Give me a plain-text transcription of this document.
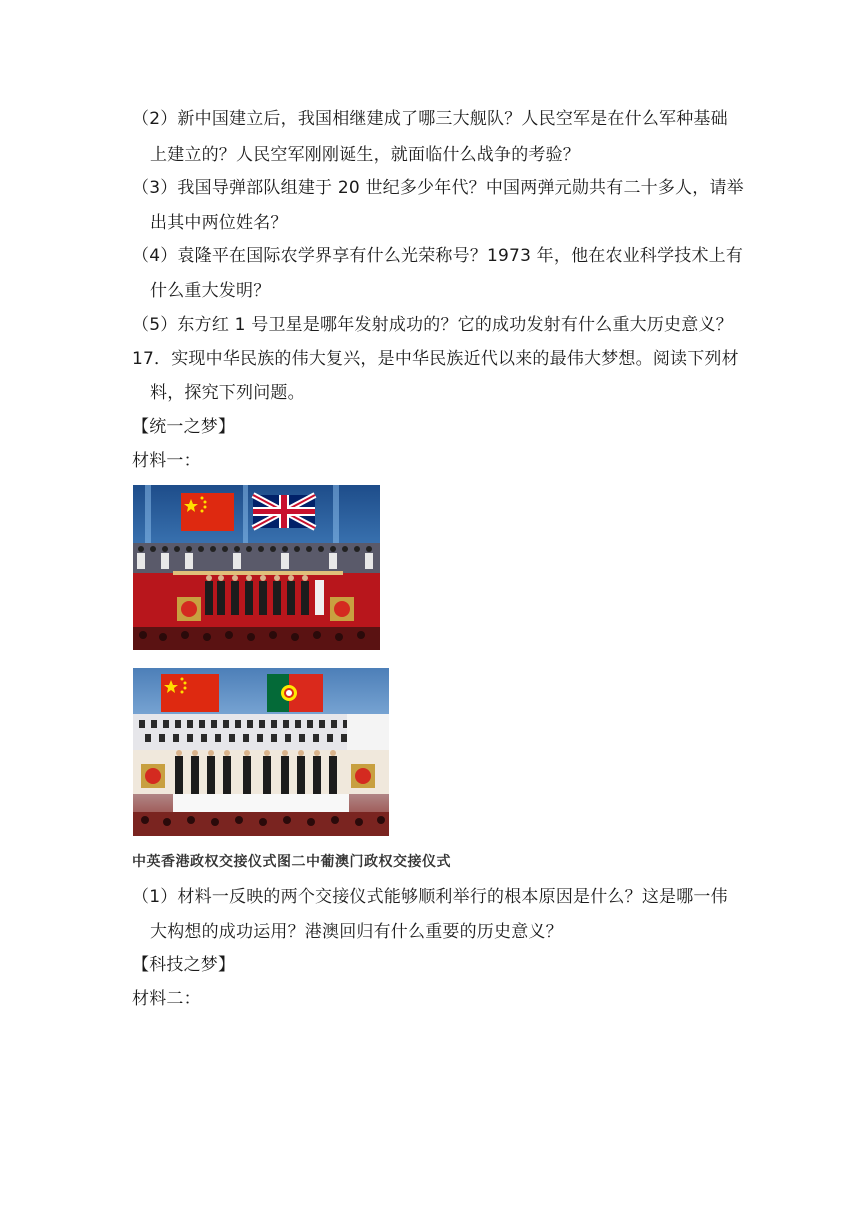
（2）新中国建立后，我国相继建成了哪三大舰队？人民空军是在什么军种基础
上建立的？人民空军刚刚诞生，就面临什么战争的考验？
（3）我国导弹部队组建于 20 世纪多少年代？中国两弹元勋共有二十多人，请举
出其中两位姓名？
（4）袁隆平在国际农学界享有什么光荣称号？1973 年，他在农业科学技术上有
什么重大发明？
（5）东方红 1 号卫星是哪年发射成功的？它的成功发射有什么重大历史意义？
17．实现中华民族的伟大复兴，是中华民族近代以来的最伟大梦想。阅读下列材
料，探究下列问题。
【统一之梦】
材料一：
中英香港政权交接仪式图二中葡澳门政权交接仪式
（1）材料一反映的两个交接仪式能够顺利举行的根本原因是什么？这是哪一伟
大构想的成功运用？港澳回归有什么重要的历史意义？
【科技之梦】
材料二：
